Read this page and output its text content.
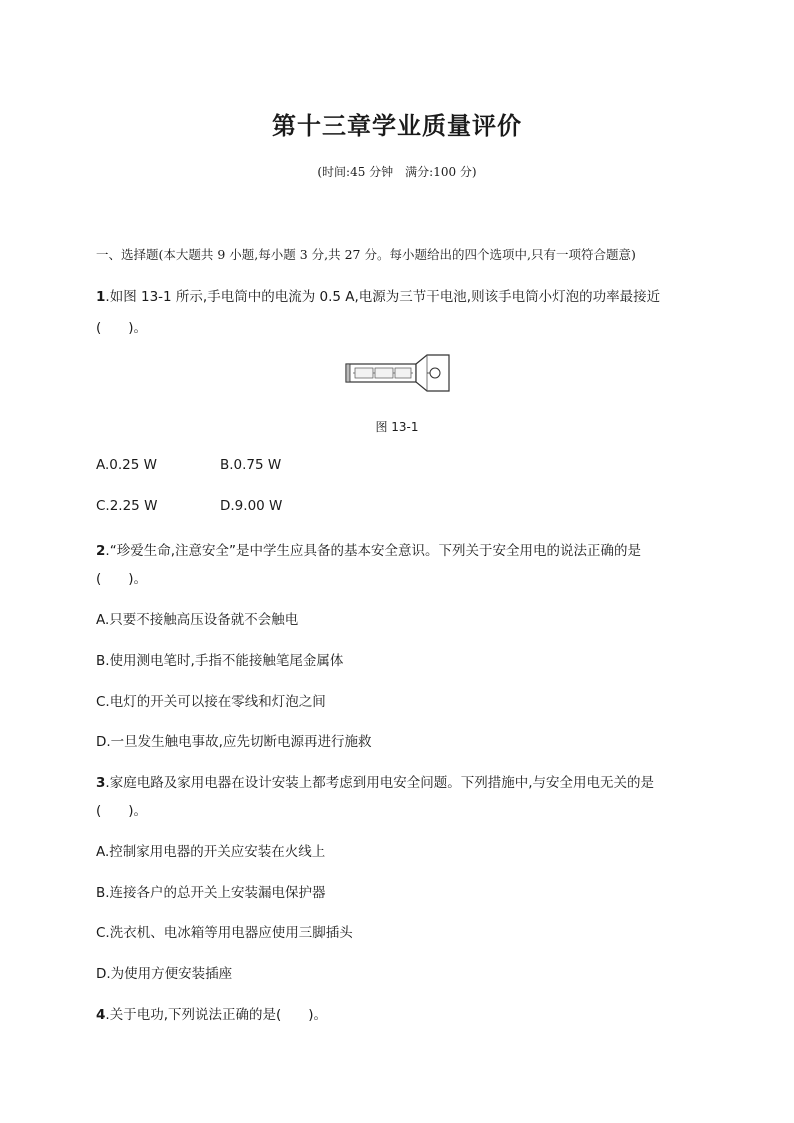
第十三章学业质量评价
(时间:45 分钟　满分:100 分)
一、选择题(本大题共 9 小题,每小题 3 分,共 27 分。每小题给出的四个选项中,只有一项符合题意)
1.如图 13-1 所示,手电筒中的电流为 0.5 A,电源为三节干电池,则该手电筒小灯泡的功率最接近
(　　)。
图 13-1
A.0.25 W	B.0.75 W
C.2.25 W	D.9.00 W
2.“珍爱生命,注意安全”是中学生应具备的基本安全意识。下列关于安全用电的说法正确的是
(　　)。
A.只要不接触高压设备就不会触电
B.使用测电笔时,手指不能接触笔尾金属体
C.电灯的开关可以接在零线和灯泡之间
D.一旦发生触电事故,应先切断电源再进行施救
3.家庭电路及家用电器在设计安装上都考虑到用电安全问题。下列措施中,与安全用电无关的是
(　　)。
A.控制家用电器的开关应安装在火线上
B.连接各户的总开关上安装漏电保护器
C.洗衣机、电冰箱等用电器应使用三脚插头
D.为使用方便安装插座
4.关于电功,下列说法正确的是(　　)。
